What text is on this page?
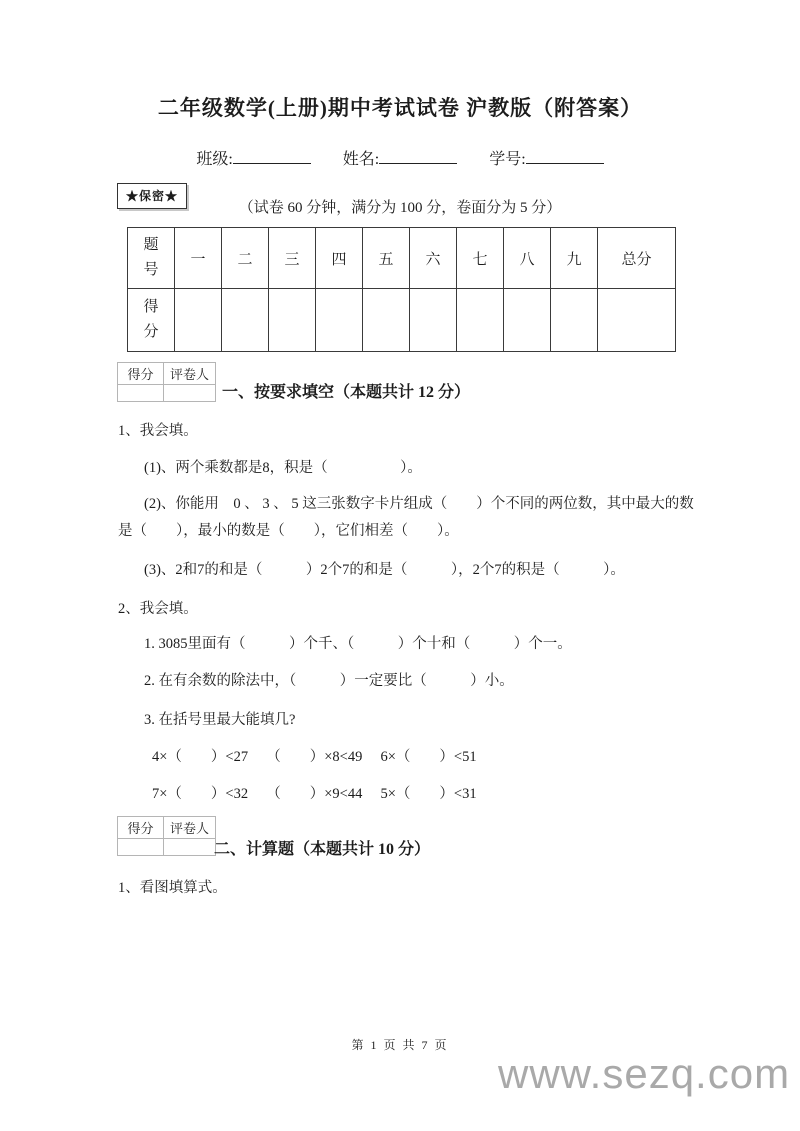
二年级数学(上册)期中考试试卷 沪教版（附答案）
班级:	姓名:	学号:
★保密★
（试卷 60 分钟，满分为 100 分，卷面分为 5 分）
题号	一	二	三	四	五	六	七	八	九	总分
得分										
得分	评卷人

一、按要求填空（本题共计 12 分）
1、我会填。
(1)、两个乘数都是8，积是（　　　　　）。
(2)、你能用　0 、 3 、 5 这三张数字卡片组成（　　）个不同的两位数，其中最大的数
是（　　），最小的数是（　　），它们相差（　　）。
(3)、2和7的和是（　　　）2个7的和是（　　　），2个7的积是（　　　）。
2、我会填。
1. 3085里面有（　　　）个千、（　　　）个十和（　　　）个一。
2. 在有余数的除法中，（　　　）一定要比（　　　）小。
3. 在括号里最大能填几?
4×（　　）<27　 （　　）×8<49　 6×（　　）<51
7×（　　）<32　 （　　）×9<44　 5×（　　）<31
得分	评卷人

二、计算题（本题共计 10 分）
1、看图填算式。
第 1 页 共 7 页
www.sezq.com
